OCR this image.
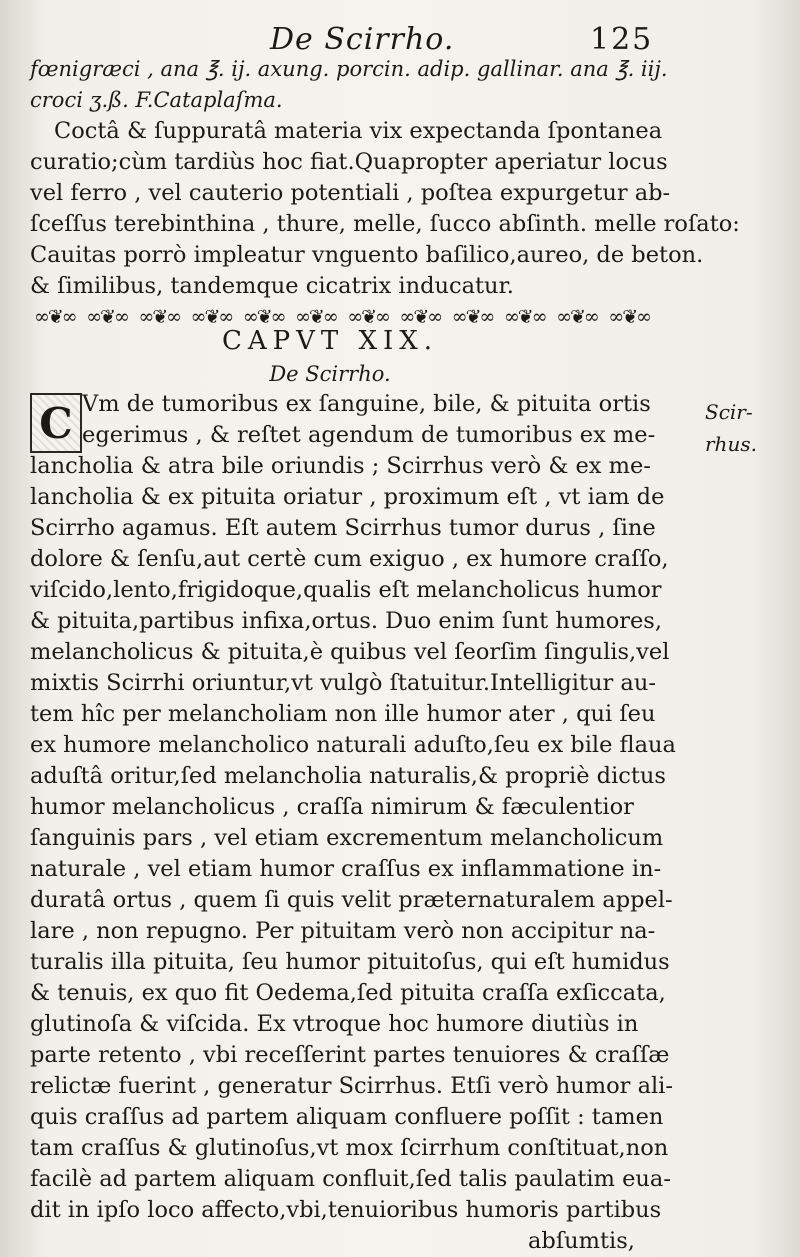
De Scirrho.	125
fœnigræci , ana ℥. ij. axung. porcin. adip. gallinar. ana ℥. iij.
croci ʒ.ß. F.Cataplaſma.
Coctâ & ſuppuratâ materia vix expectanda ſpontanea
curatio;cùm tardiùs hoc fiat.Quapropter aperiatur locus
vel ferro , vel cauterio potentiali , poſtea expurgetur ab-
ſceſſus terebinthina , thure, melle, ſucco abſinth. melle roſato:
Cauitas porrò impleatur vnguento baſilico,aureo, de beton.
& ſimilibus, tandemque cicatrix inducatur.
∞❦∞ ∞❦∞ ∞❦∞ ∞❦∞ ∞❦∞ ∞❦∞ ∞❦∞ ∞❦∞ ∞❦∞ ∞❦∞ ∞❦∞ ∞❦∞
CAPVT XIX.
De Scirrho.
C Vm de tumoribus ex ſanguine, bile, & pituita ortis
egerimus , & reſtet agendum de tumoribus ex me-
lancholia & atra bile oriundis ; Scirrhus verò & ex me-
lancholia & ex pituita oriatur , proximum eſt , vt iam de
Scirrho agamus. Eſt autem Scirrhus tumor durus , ſine
dolore & ſenſu,aut certè cum exiguo , ex humore craſſo,
viſcido,lento,frigidoque,qualis eſt melancholicus humor
& pituita,partibus infixa,ortus. Duo enim ſunt humores,
melancholicus & pituita,è quibus vel ſeorſim ſingulis,vel
mixtis Scirrhi oriuntur,vt vulgò ſtatuitur.Intelligitur au-
tem hîc per melancholiam non ille humor ater , qui ſeu
ex humore melancholico naturali aduſto,ſeu ex bile flaua
aduſtâ oritur,ſed melancholia naturalis,& propriè dictus
humor melancholicus , craſſa nimirum & fæculentior
ſanguinis pars , vel etiam excrementum melancholicum
naturale , vel etiam humor craſſus ex inflammatione in-
duratâ ortus , quem ſi quis velit præternaturalem appel-
lare , non repugno. Per pituitam verò non accipitur na-
turalis illa pituita, ſeu humor pituitoſus, qui eſt humidus
& tenuis, ex quo fit Oedema,ſed pituita craſſa exſiccata,
glutinoſa & viſcida. Ex vtroque hoc humore diutiùs in
parte retento , vbi receſſerint partes tenuiores & craſſæ
relictæ fuerint , generatur Scirrhus. Etſi verò humor ali-
quis craſſus ad partem aliquam confluere poſſit : tamen
tam craſſus & glutinoſus,vt mox ſcirrhum conſtituat,non
facilè ad partem aliquam confluit,ſed talis paulatim eua-
dit in ipſo loco affecto,vbi,tenuioribus humoris partibus
abſumtis,
Scir-
rhus.
